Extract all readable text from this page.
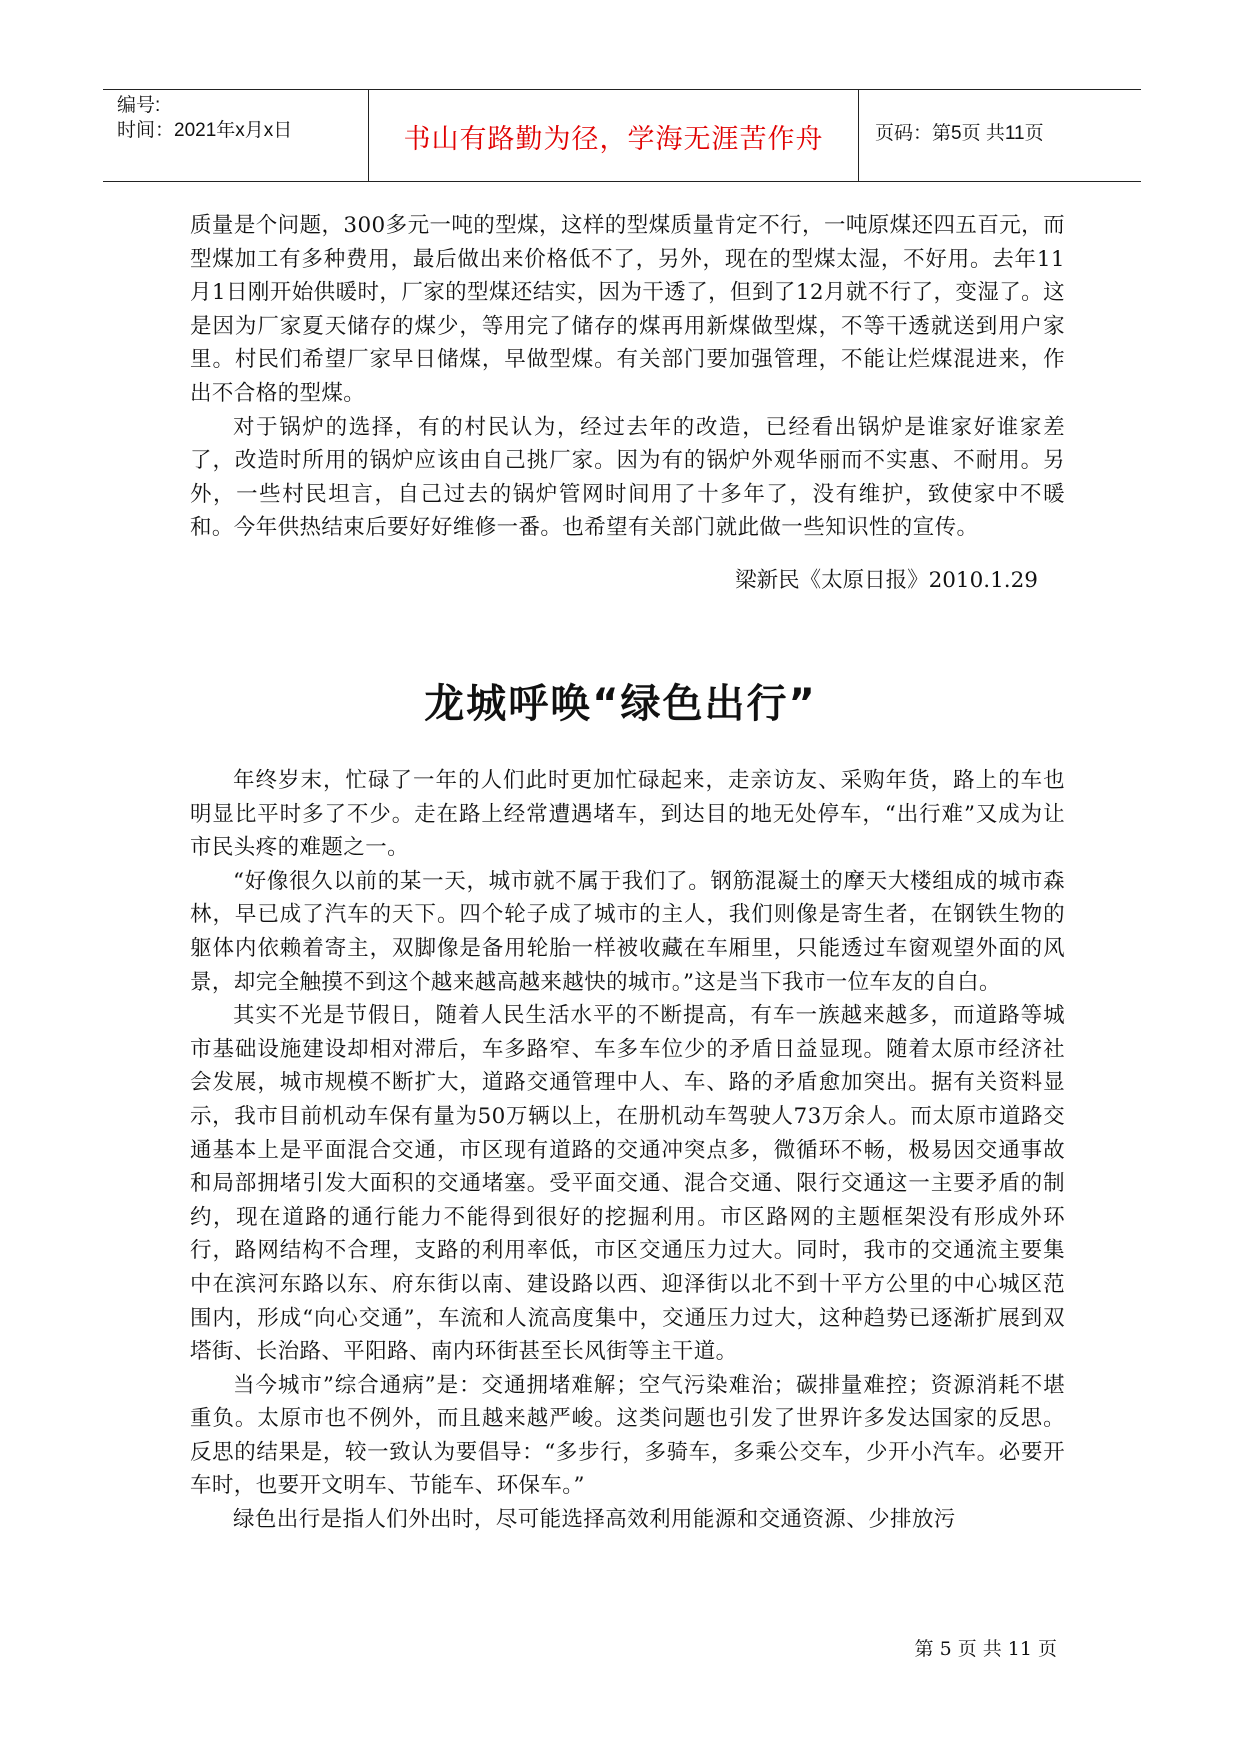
编号:
时间：2021年x月x日	书山有路勤为径，学海无涯苦作舟	页码：第5页 共11页

质量是个问题，300多元一吨的型煤，这样的型煤质量肯定不行，一吨原煤还四五百元，而型煤加工有多种费用，最后做出来价格低不了，另外，现在的型煤太湿，不好用。去年11月1日刚开始供暖时，厂家的型煤还结实，因为干透了，但到了12月就不行了，变湿了。这是因为厂家夏天储存的煤少，等用完了储存的煤再用新煤做型煤，不等干透就送到用户家里。村民们希望厂家早日储煤，早做型煤。有关部门要加强管理，不能让烂煤混进来，作出不合格的型煤。

对于锅炉的选择，有的村民认为，经过去年的改造，已经看出锅炉是谁家好谁家差了，改造时所用的锅炉应该由自己挑厂家。因为有的锅炉外观华丽而不实惠、不耐用。另外，一些村民坦言，自己过去的锅炉管网时间用了十多年了，没有维护，致使家中不暖和。今年供热结束后要好好维修一番。也希望有关部门就此做一些知识性的宣传。

梁新民《太原日报》2010.1.29
龙城呼唤“绿色出行”

年终岁末，忙碌了一年的人们此时更加忙碌起来，走亲访友、采购年货，路上的车也明显比平时多了不少。走在路上经常遭遇堵车，到达目的地无处停车，“出行难”又成为让市民头疼的难题之一。

“好像很久以前的某一天，城市就不属于我们了。钢筋混凝土的摩天大楼组成的城市森林，早已成了汽车的天下。四个轮子成了城市的主人，我们则像是寄生者，在钢铁生物的躯体内依赖着寄主，双脚像是备用轮胎一样被收藏在车厢里，只能透过车窗观望外面的风景，却完全触摸不到这个越来越高越来越快的城市。”这是当下我市一位车友的自白。

其实不光是节假日，随着人民生活水平的不断提高，有车一族越来越多，而道路等城市基础设施建设却相对滞后，车多路窄、车多车位少的矛盾日益显现。随着太原市经济社会发展，城市规模不断扩大，道路交通管理中人、车、路的矛盾愈加突出。据有关资料显示，我市目前机动车保有量为50万辆以上，在册机动车驾驶人73万余人。而太原市道路交通基本上是平面混合交通，市区现有道路的交通冲突点多，微循环不畅，极易因交通事故和局部拥堵引发大面积的交通堵塞。受平面交通、混合交通、限行交通这一主要矛盾的制约，现在道路的通行能力不能得到很好的挖掘利用。市区路网的主题框架没有形成外环行，路网结构不合理，支路的利用率低，市区交通压力过大。同时，我市的交通流主要集中在滨河东路以东、府东街以南、建设路以西、迎泽街以北不到十平方公里的中心城区范围内，形成“向心交通”，车流和人流高度集中，交通压力过大，这种趋势已逐渐扩展到双塔街、长治路、平阳路、南内环街甚至长风街等主干道。

当今城市”综合通病”是：交通拥堵难解；空气污染难治；碳排量难控；资源消耗不堪重负。太原市也不例外，而且越来越严峻。这类问题也引发了世界许多发达国家的反思。反思的结果是，较一致认为要倡导：“多步行，多骑车，多乘公交车，少开小汽车。必要开车时，也要开文明车、节能车、环保车。”

绿色出行是指人们外出时，尽可能选择高效利用能源和交通资源、少排放污

第 5 页 共 11 页
